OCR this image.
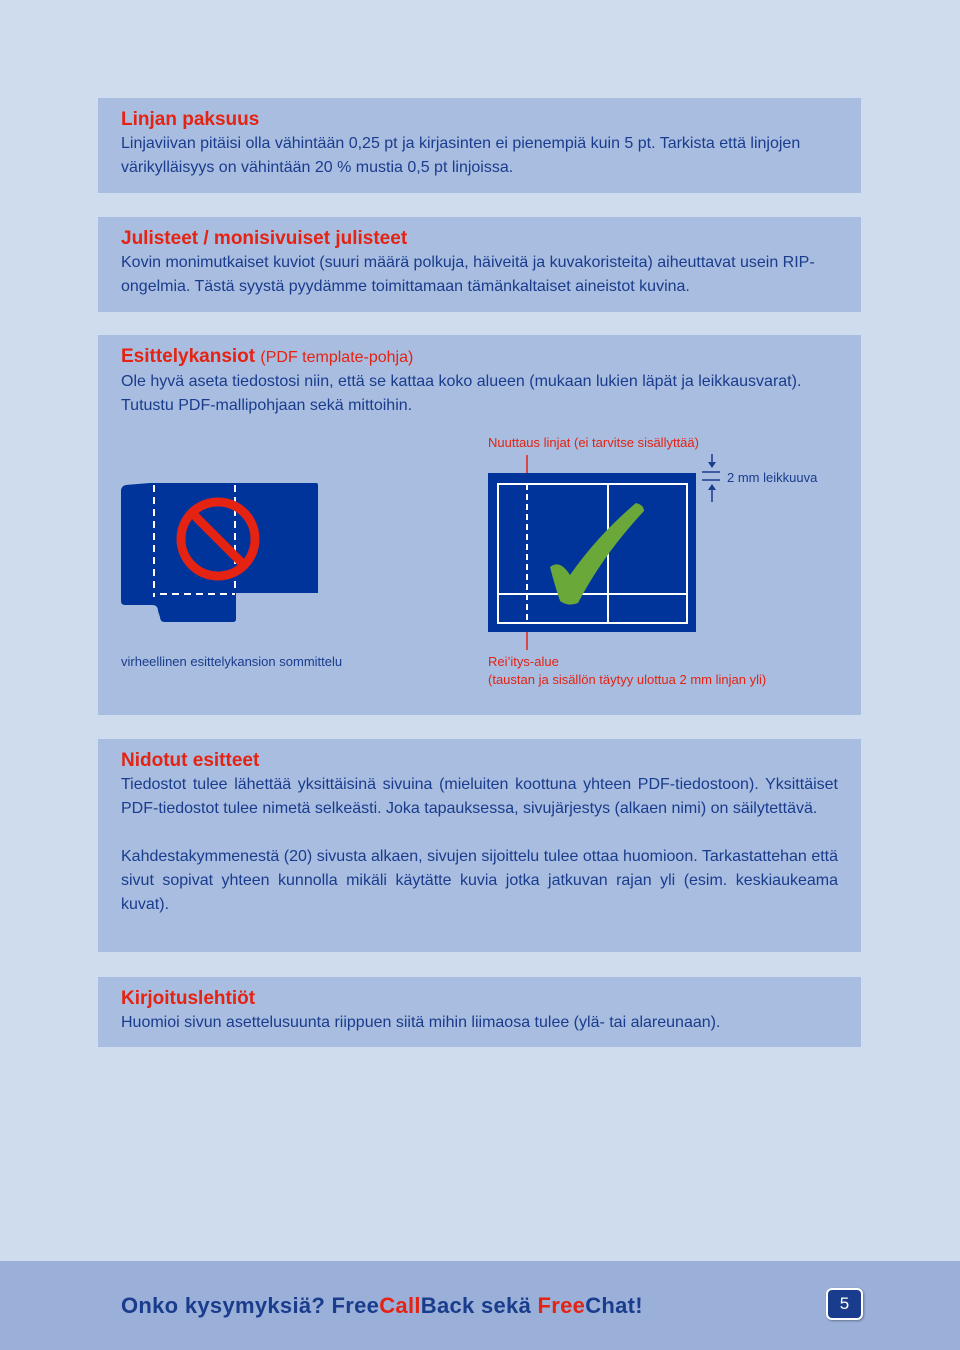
Linjan paksuus

Linjaviivan pitäisi olla vähintään 0,25 pt ja kirjasinten ei pienempiä kuin 5 pt. Tarkista että linjojen värikylläisyys on vähintään 20 % mustia 0,5 pt linjoissa.

Julisteet / monisivuiset julisteet

Kovin monimutkaiset kuviot (suuri määrä polkuja, häiveitä ja kuvakoristeita) aiheuttavat usein RIP-ongelmia. Tästä syystä pyydämme toimittamaan tämänkaltaiset aineistot kuvina.

Esittelykansiot (PDF template-pohja)

Ole hyvä aseta tiedostosi niin, että se kattaa koko alueen (mukaan lukien läpät ja leikkausvarat). Tutustu PDF-mallipohjaan sekä mittoihin.

Nuuttaus linjat (ei tarvitse sisällyttää)
2 mm leikkuuva
virheellinen esittelykansion sommittelu	Rei’itys-alue
(taustan ja sisällön täytyy ulottua 2 mm linjan yli)

Nidotut esitteet

Tiedostot tulee lähettää yksittäisinä sivuina (mieluiten koottuna yhteen PDF-tiedostoon). Yksittäiset PDF-tiedostot tulee nimetä selkeästi. Joka tapauksessa, sivujärjestys (alkaen nimi) on säilytettävä.

Kahdestakymmenestä (20) sivusta alkaen, sivujen sijoittelu tulee ottaa huomioon. Tarkastattehan että sivut sopivat yhteen kunnolla mikäli käytätte kuvia jotka jatkuvan rajan yli (esim. keskiaukeama kuvat).

Kirjoituslehtiöt

Huomioi sivun asettelusuunta riippuen siitä mihin liimaosa tulee (ylä- tai alareunaan).

Onko kysymyksiä? FreeCallBack sekä FreeChat!	5
